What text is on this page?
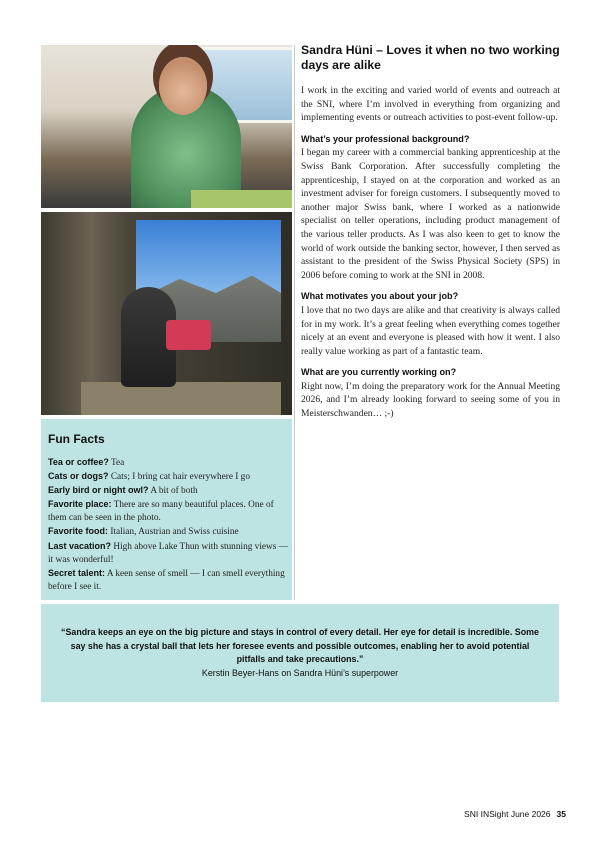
Sandra Hüni – Loves it when no two working days are alike

I work in the exciting and varied world of events and outreach at the SNI, where I’m involved in everything from organizing and implementing events or outreach activities to post-event follow-up.

What’s your professional background?

I began my career with a commercial banking apprenticeship at the Swiss Bank Corporation. After successfully completing the apprenticeship, I stayed on at the corporation and worked as an investment adviser for foreign customers. I subsequently moved to another major Swiss bank, where I worked as a nationwide specialist on teller operations, including product management of the various teller products. As I was also keen to get to know the world of work outside the banking sector, however, I then served as assistant to the president of the Swiss Physical Society (SPS) in 2006 before coming to work at the SNI in 2008.

What motivates you about your job?

I love that no two days are alike and that creativity is always called for in my work. It’s a great feeling when everything comes together nicely at an event and everyone is pleased with how it went. I also really value working as part of a fantastic team.

What are you currently working on?

Right now, I’m doing the preparatory work for the Annual Meeting 2026, and I’m already looking forward to seeing some of you in Meisterschwanden… ;-)

Fun Facts
Tea or coffee? Tea
Cats or dogs? Cats; I bring cat hair everywhere I go
Early bird or night owl? A bit of both
Favorite place: There are so many beautiful places. One of them can be seen in the photo.
Favorite food: Italian, Austrian and Swiss cuisine
Last vacation? High above Lake Thun with stunning views — it was wonderful!
Secret talent: A keen sense of smell — I can smell everything before I see it.
“Sandra keeps an eye on the big picture and stays in control of every detail. Her eye for detail is incredible. Some say she has a crystal ball that lets her foresee events and possible outcomes, enabling her to avoid potential pitfalls and take precautions.”
Kerstin Beyer-Hans on Sandra Hüni’s superpower
SNI INSight June 2026 35
